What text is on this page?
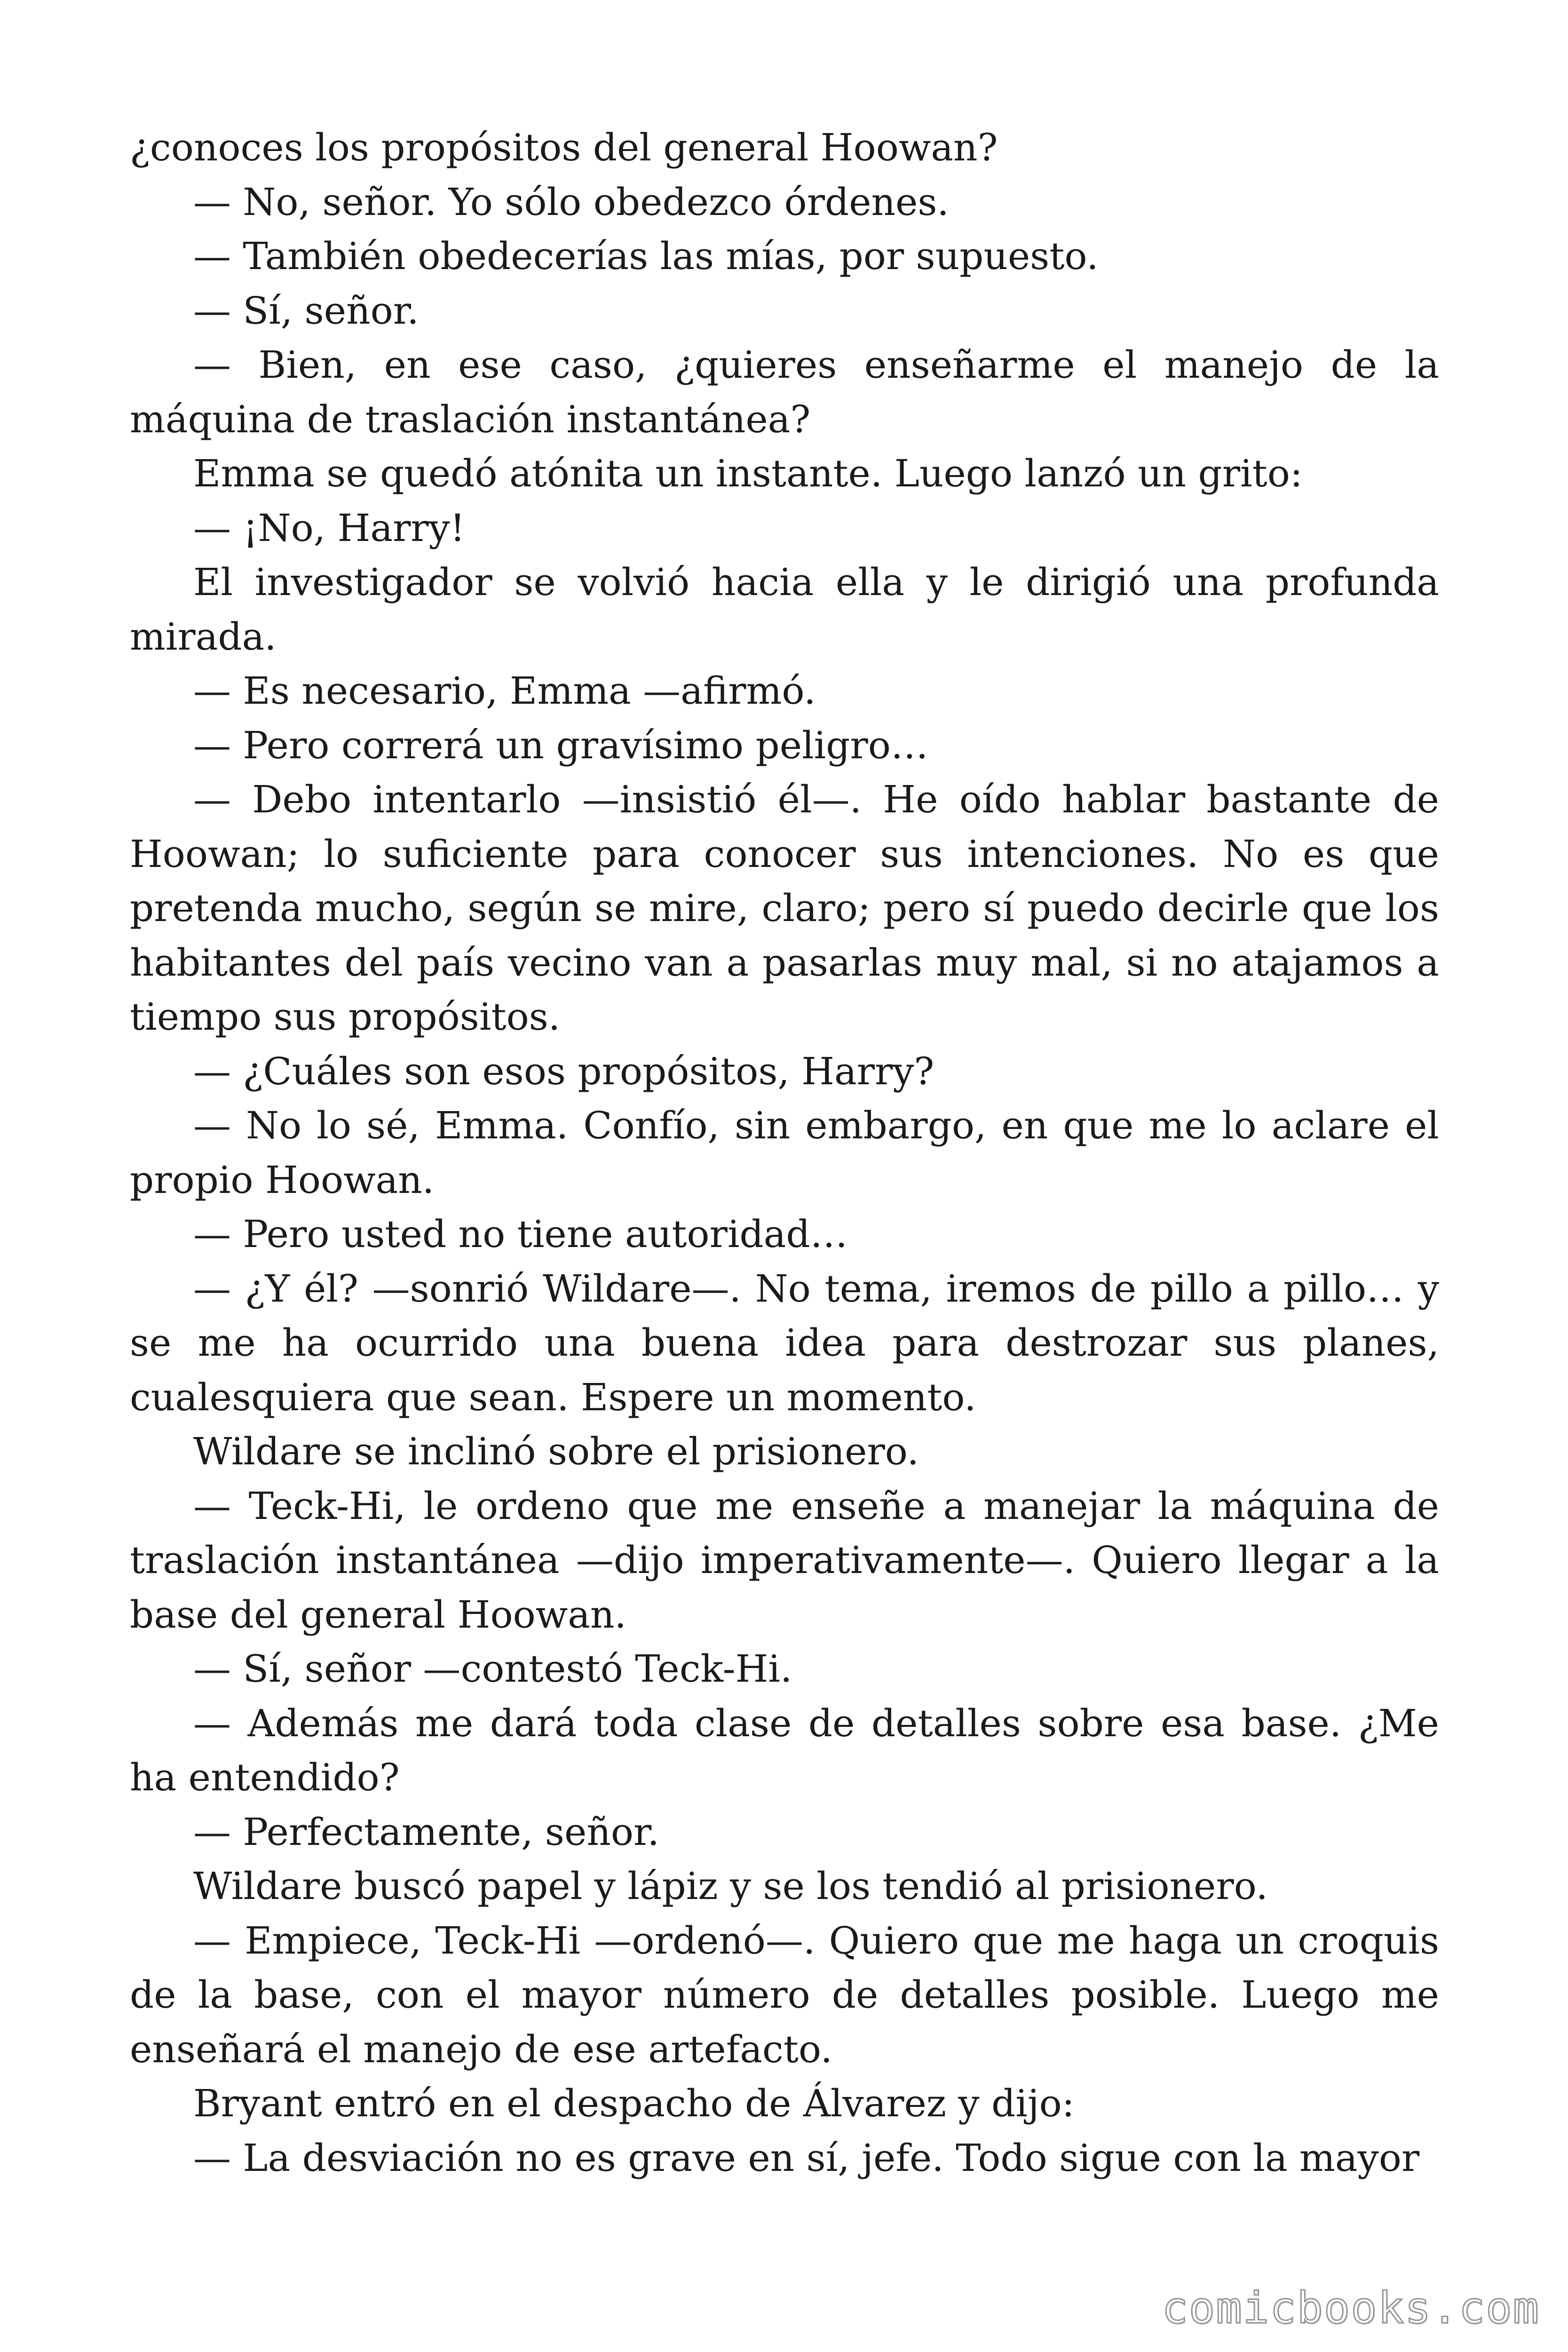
¿conoces los propósitos del general Hoowan?

— No, señor. Yo sólo obedezco órdenes.

— También obedecerías las mías, por supuesto.

— Sí, señor.

— Bien, en ese caso, ¿quieres enseñarme el manejo de la máquina de traslación instantánea?

Emma se quedó atónita un instante. Luego lanzó un grito:

— ¡No, Harry!

El investigador se volvió hacia ella y le dirigió una profunda mirada.

— Es necesario, Emma —afirmó.

— Pero correrá un gravísimo peligro…

— Debo intentarlo —insistió él—. He oído hablar bastante de Hoowan; lo suficiente para conocer sus intenciones. No es que pretenda mucho, según se mire, claro; pero sí puedo decirle que los habitantes del país vecino van a pasarlas muy mal, si no atajamos a tiempo sus propósitos.

— ¿Cuáles son esos propósitos, Harry?

— No lo sé, Emma. Confío, sin embargo, en que me lo aclare el propio Hoowan.

— Pero usted no tiene autoridad…

— ¿Y él? —sonrió Wildare—. No tema, iremos de pillo a pillo… y se me ha ocurrido una buena idea para destrozar sus planes, cualesquiera que sean. Espere un momento.

Wildare se inclinó sobre el prisionero.

— Teck-Hi, le ordeno que me enseñe a manejar la máquina de traslación instantánea —dijo imperativamente—. Quiero llegar a la base del general Hoowan.

— Sí, señor —contestó Teck-Hi.

— Además me dará toda clase de detalles sobre esa base. ¿Me ha entendido?

— Perfectamente, señor.

Wildare buscó papel y lápiz y se los tendió al prisionero.

— Empiece, Teck-Hi —ordenó—. Quiero que me haga un croquis de la base, con el mayor número de detalles posible. Luego me enseñará el manejo de ese artefacto.

Bryant entró en el despacho de Álvarez y dijo:

— La desviación no es grave en sí, jefe. Todo sigue con la mayor

comicbooks.com
